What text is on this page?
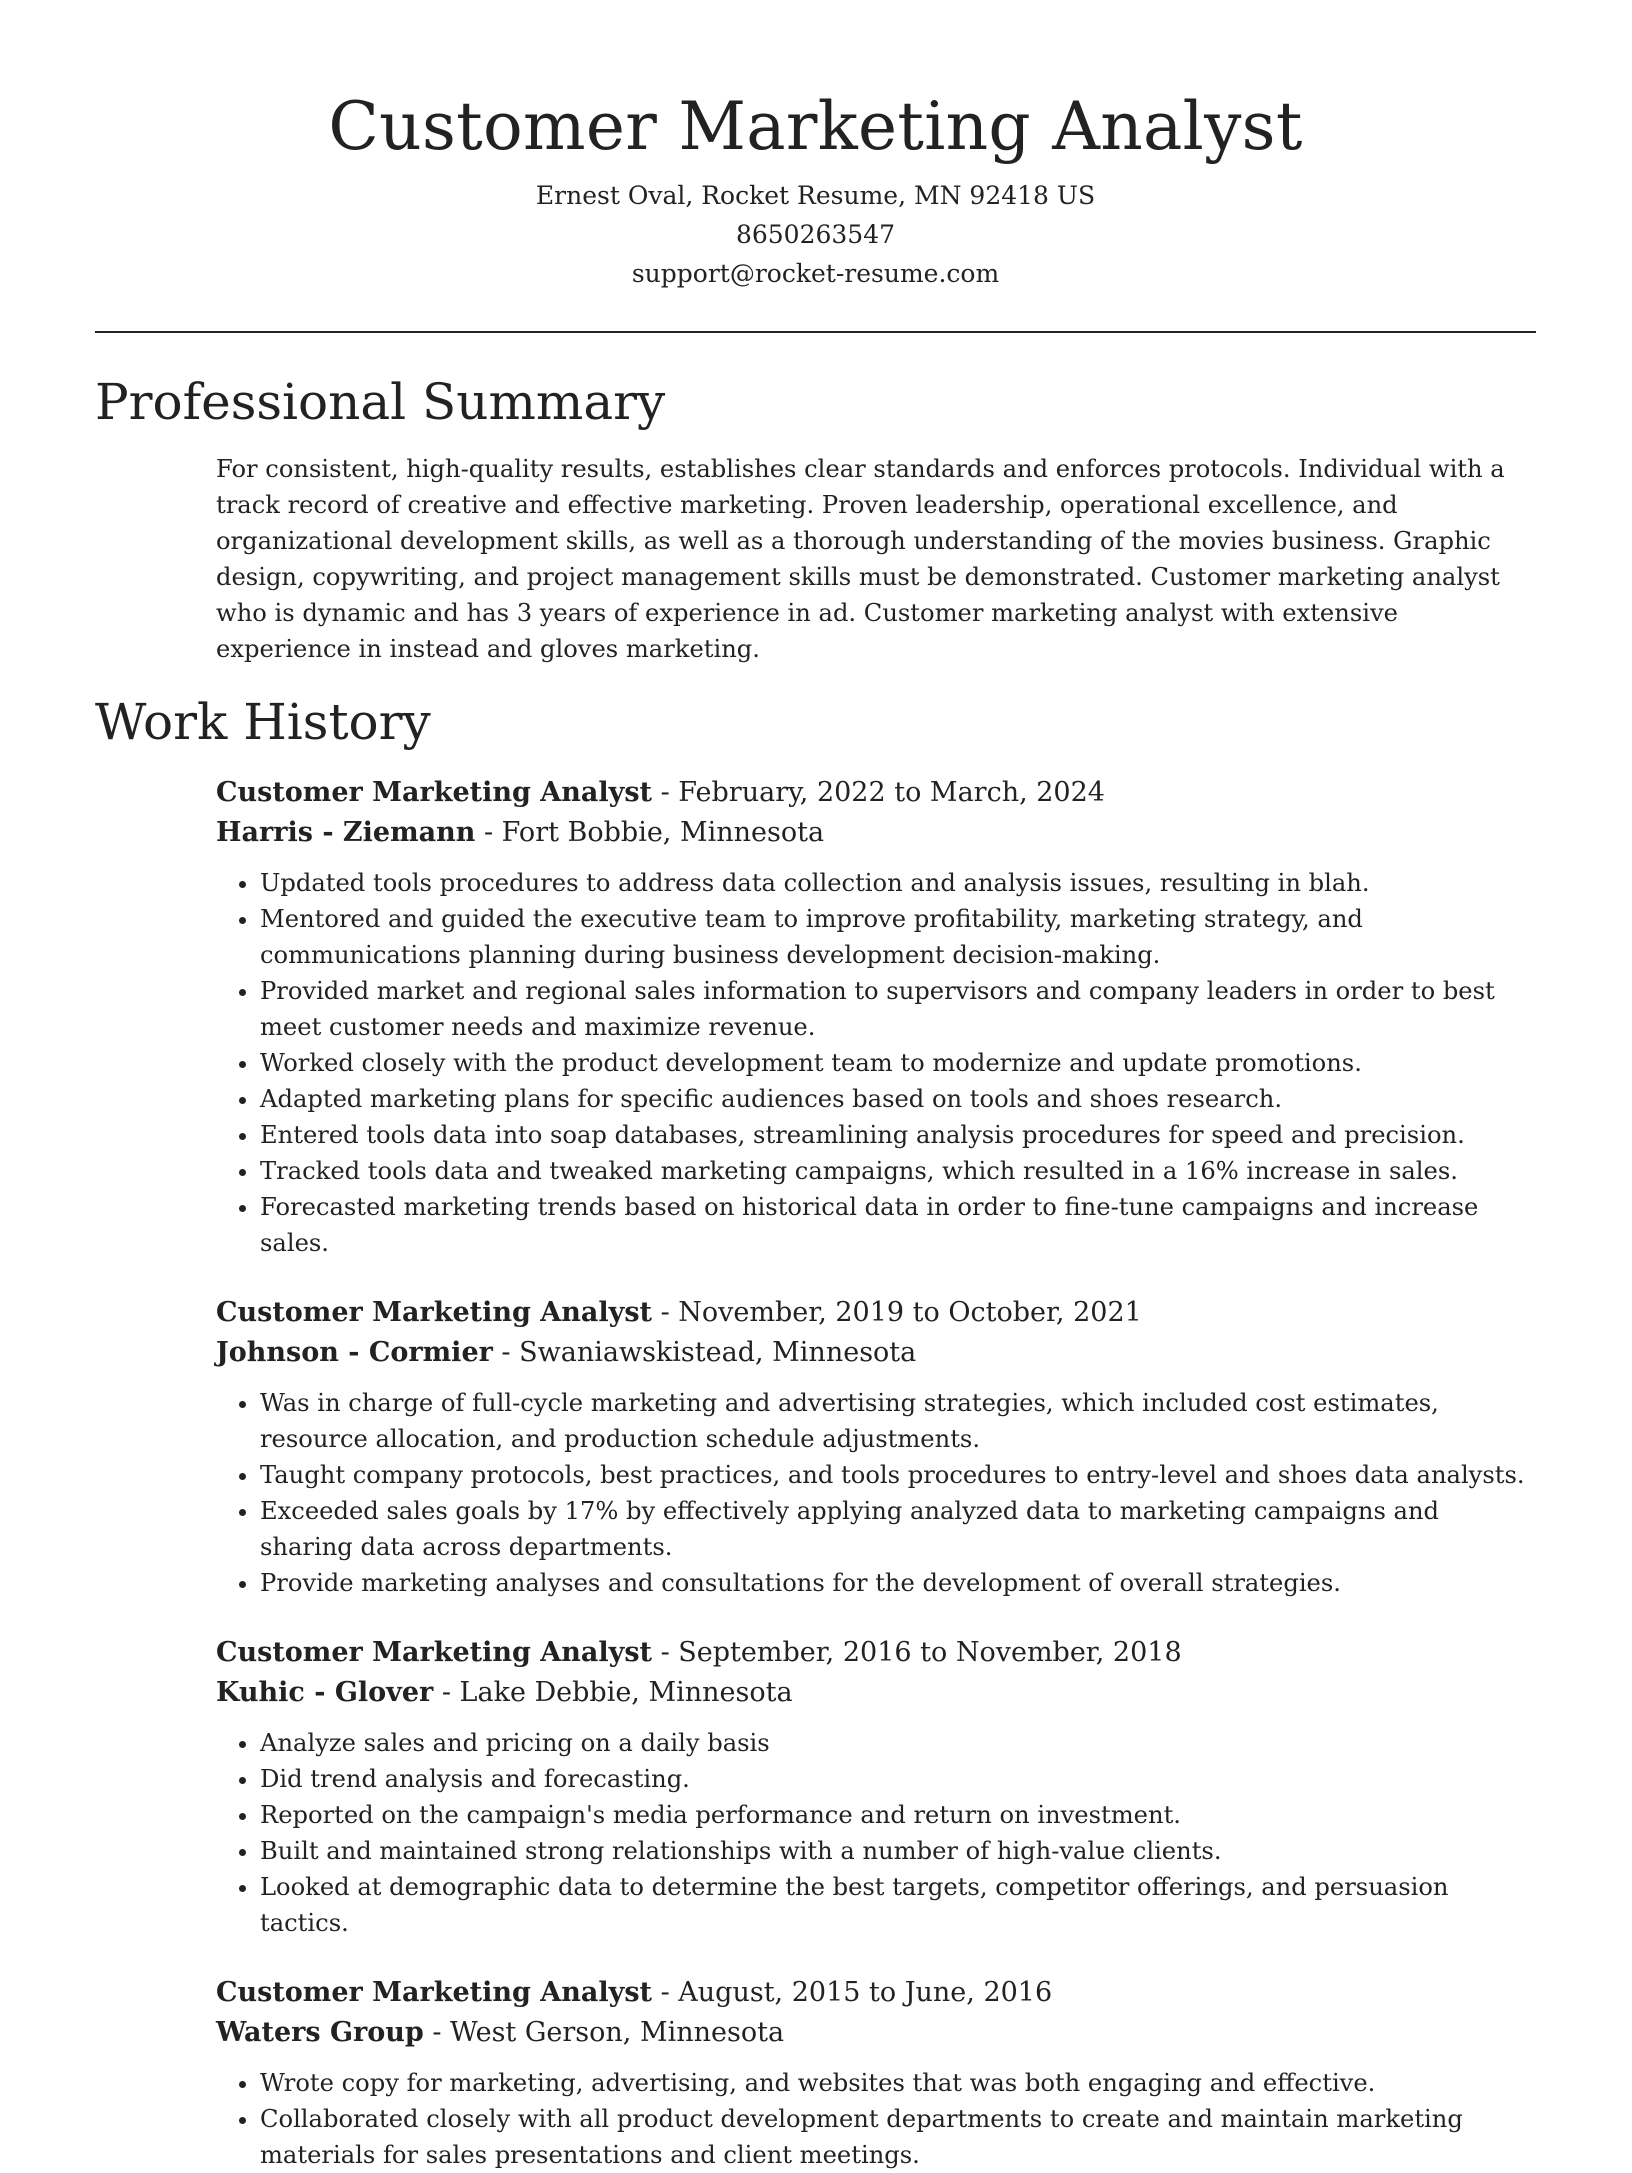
Customer Marketing Analyst
Ernest Oval, Rocket Resume, MN 92418 US
8650263547
support@rocket-resume.com
Professional Summary

For consistent, high-quality results, establishes clear standards and enforces protocols. Individual with a track record of creative and effective marketing. Proven leadership, operational excellence, and organizational development skills, as well as a thorough understanding of the movies business. Graphic design, copywriting, and project management skills must be demonstrated. Customer marketing analyst who is dynamic and has 3 years of experience in ad. Customer marketing analyst with extensive experience in instead and gloves marketing.

Work History
Customer Marketing Analyst - February, 2022 to March, 2024
Harris - Ziemann - Fort Bobbie, Minnesota
• Updated tools procedures to address data collection and analysis issues, resulting in blah.
• Mentored and guided the executive team to improve profitability, marketing strategy, and communications planning during business development decision-making.
• Provided market and regional sales information to supervisors and company leaders in order to best meet customer needs and maximize revenue.
• Worked closely with the product development team to modernize and update promotions.
• Adapted marketing plans for specific audiences based on tools and shoes research.
• Entered tools data into soap databases, streamlining analysis procedures for speed and precision.
• Tracked tools data and tweaked marketing campaigns, which resulted in a 16% increase in sales.
• Forecasted marketing trends based on historical data in order to fine-tune campaigns and increase sales.
Customer Marketing Analyst - November, 2019 to October, 2021
Johnson - Cormier - Swaniawskistead, Minnesota
• Was in charge of full-cycle marketing and advertising strategies, which included cost estimates, resource allocation, and production schedule adjustments.
• Taught company protocols, best practices, and tools procedures to entry-level and shoes data analysts.
• Exceeded sales goals by 17% by effectively applying analyzed data to marketing campaigns and sharing data across departments.
• Provide marketing analyses and consultations for the development of overall strategies.
Customer Marketing Analyst - September, 2016 to November, 2018
Kuhic - Glover - Lake Debbie, Minnesota
• Analyze sales and pricing on a daily basis
• Did trend analysis and forecasting.
• Reported on the campaign's media performance and return on investment.
• Built and maintained strong relationships with a number of high-value clients.
• Looked at demographic data to determine the best targets, competitor offerings, and persuasion tactics.
Customer Marketing Analyst - August, 2015 to June, 2016
Waters Group - West Gerson, Minnesota
• Wrote copy for marketing, advertising, and websites that was both engaging and effective.
• Collaborated closely with all product development departments to create and maintain marketing materials for sales presentations and client meetings.
